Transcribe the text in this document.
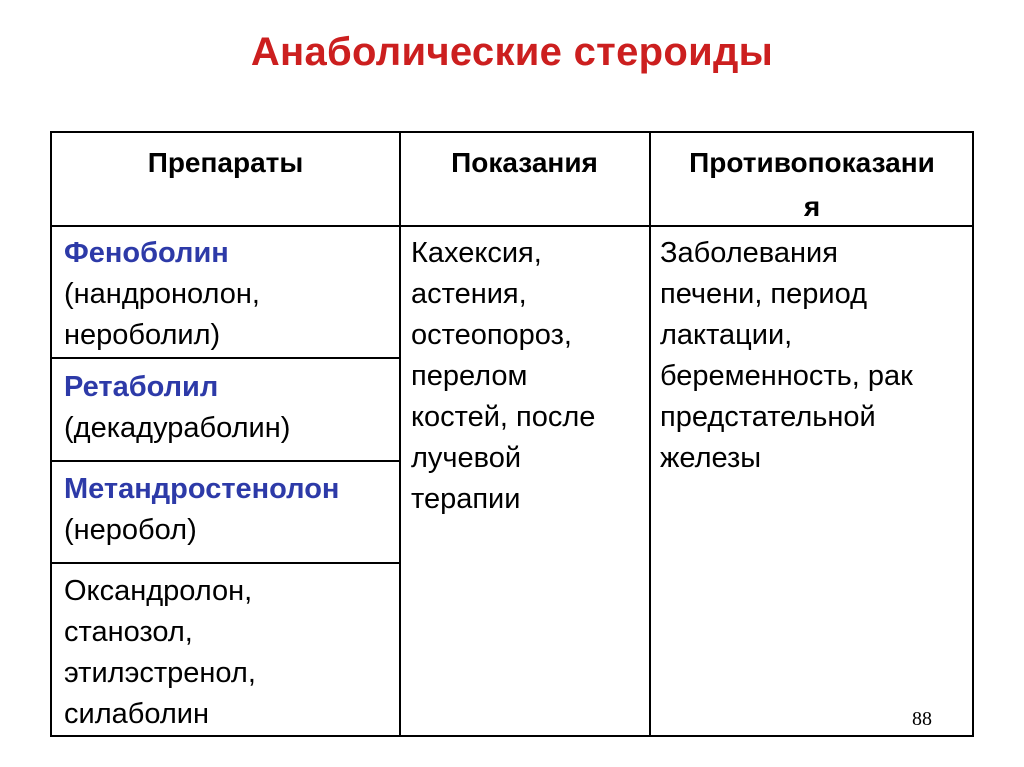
Анаболические стероиды
Препараты	Показания	Противопоказани
я
Феноболин
(нандронолон,
нероболил)
Ретаболил
(декадураболин)
Метандростенолон
(неробол)
Оксандролон,
станозол,
этилэстренол,
силаболин
Кахексия,
астения,
остеопороз,
перелом
костей, после
лучевой
терапии
Заболевания
печени, период
лактации,
беременность, рак
предстательной
железы
88
